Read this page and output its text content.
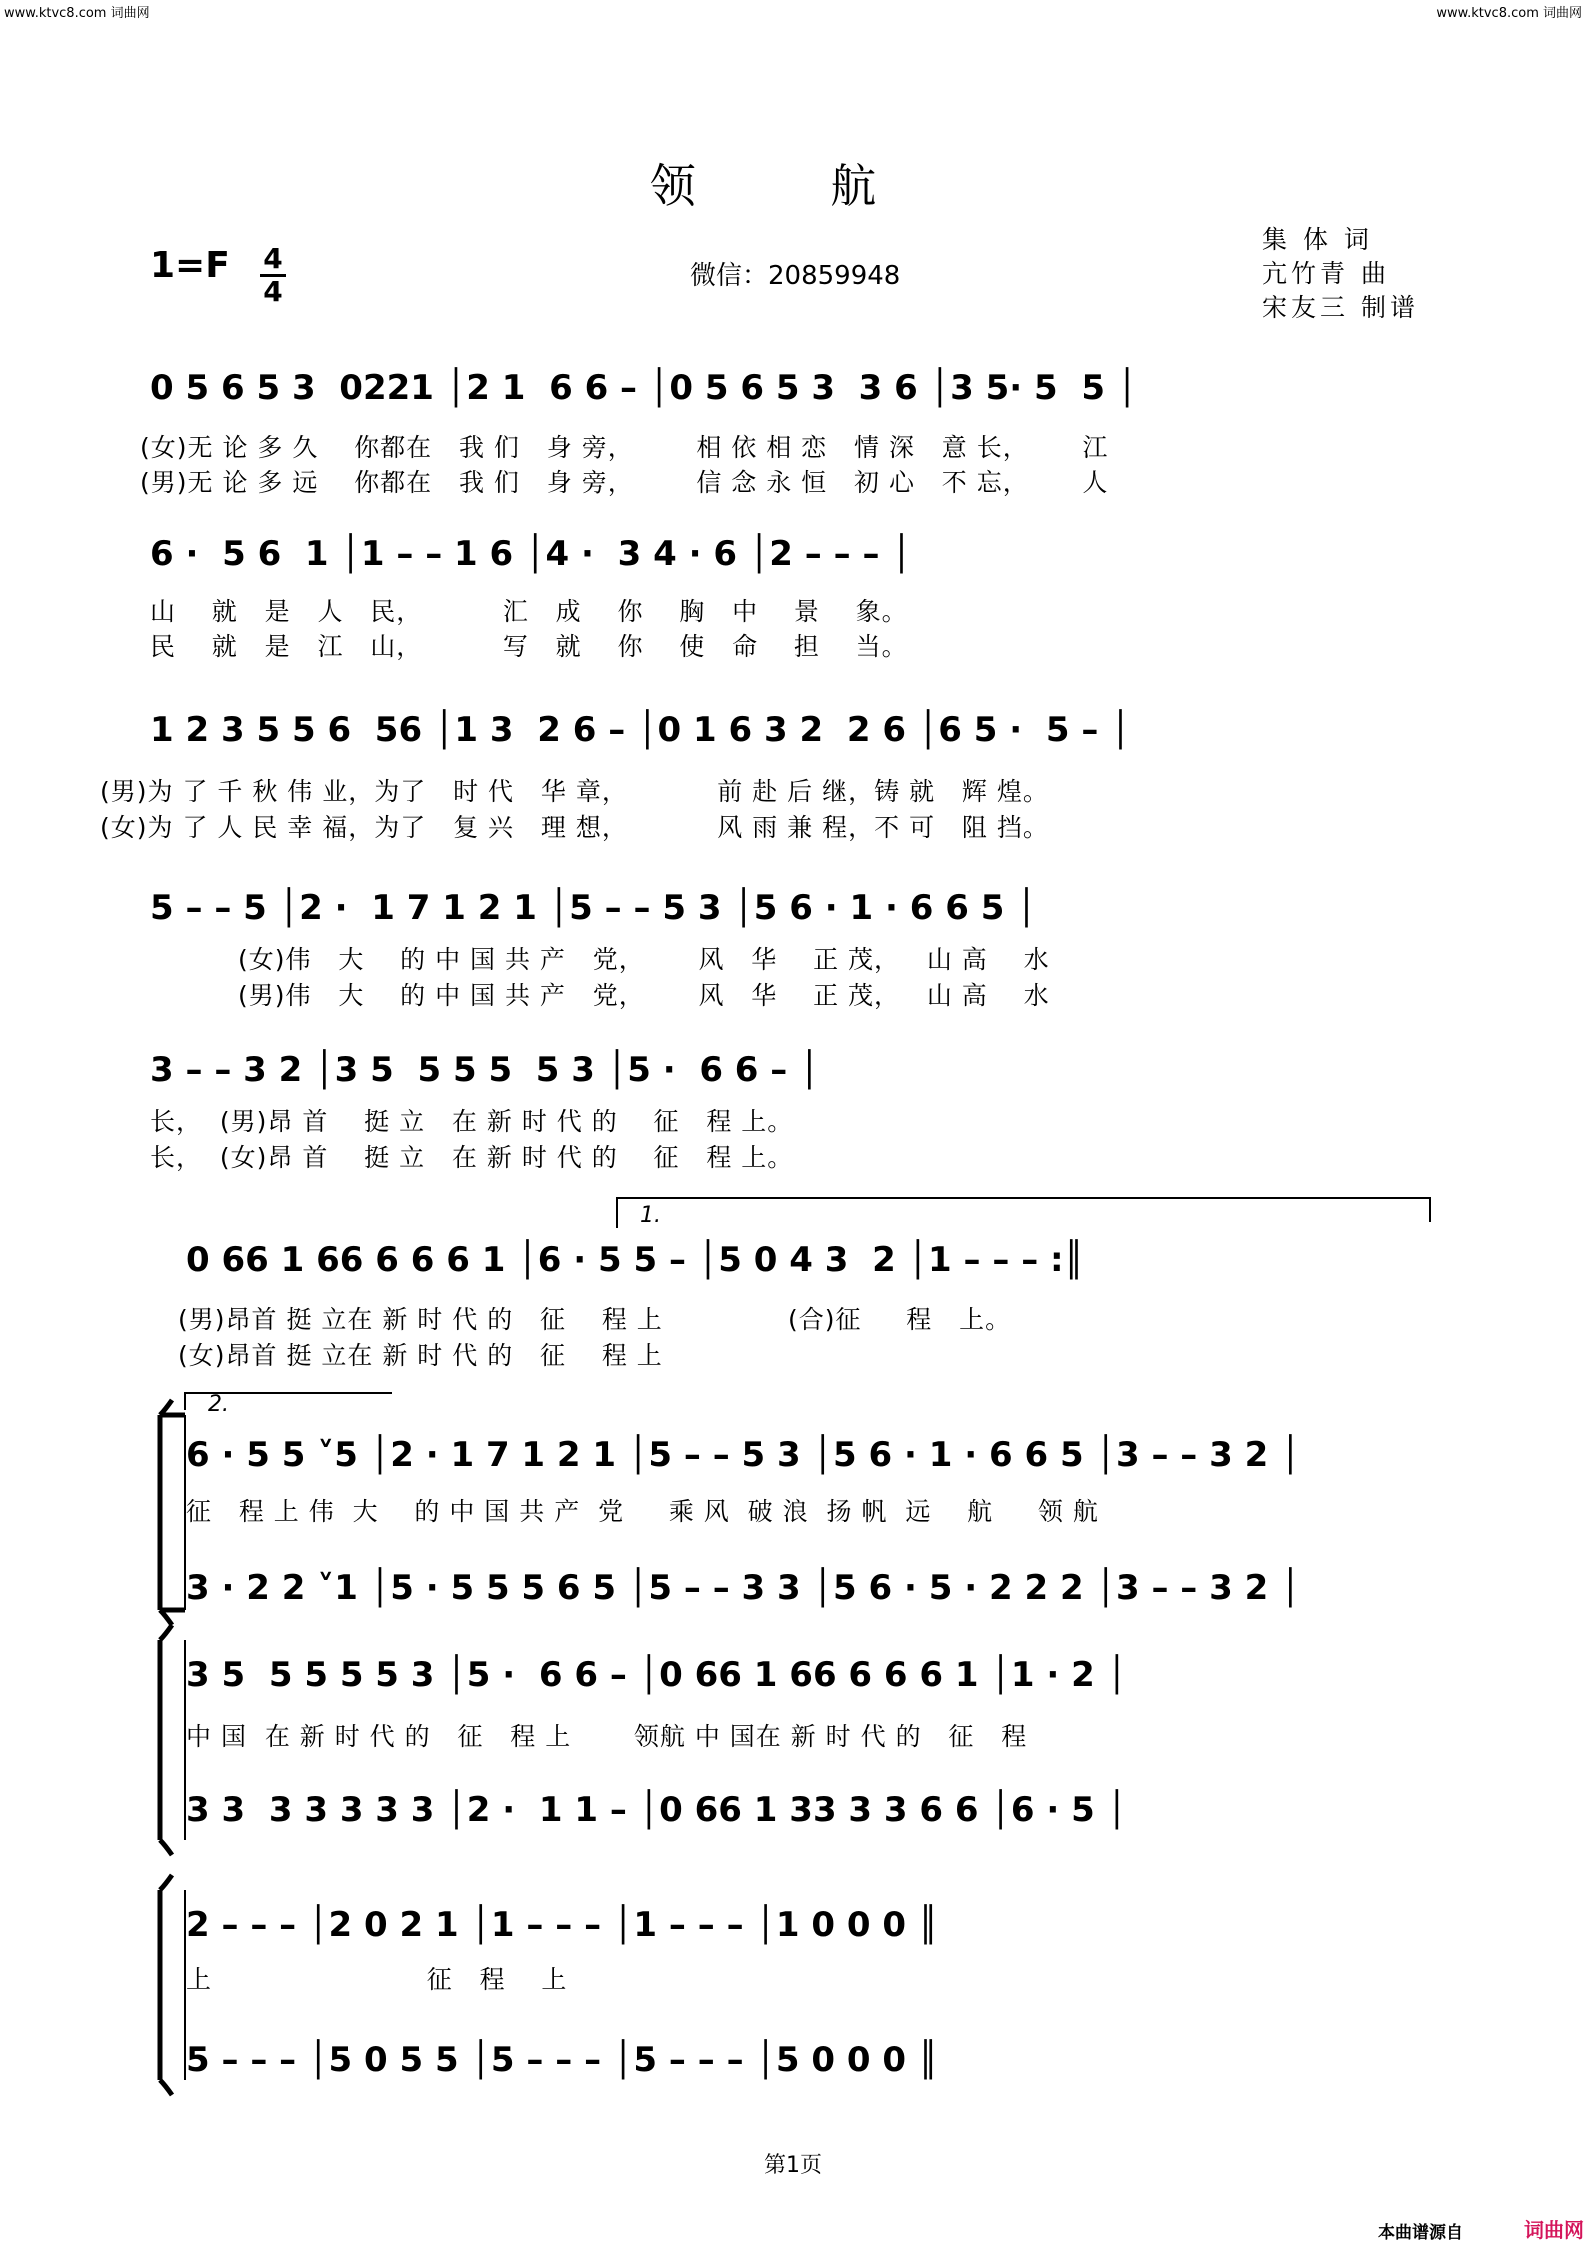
www.ktvc8.com 词曲网	www.ktvc8.com 词曲网
领 航
1=F 4
4	微信：20859948
集 体 词
亢竹青 曲
宋友三 制谱
0 5 6 5 3  0221 │2 1  6 6 – │0 5 6 5 3  3 6 │3 5· 5  5 │
(女)无 论 多 久    你都在   我 们   身 旁，       相 依 相 恋   情 深   意 长，      江
(男)无 论 多 远    你都在   我 们   身 旁，       信 念 永 恒   初 心   不 忘，      人
6 ·  5 6  1 │1 – – 1 6 │4 ·  3 4 · 6 │2 – – – │
山    就   是   人   民，         汇   成    你    胸   中    景    象。
民    就   是   江   山，         写   就    你    使   命    担    当。
1 2 3 5 5 6  56 │1 3  2 6 – │0 1 6 3 2  2 6 │6 5 ·  5 – │
(男)为 了 千 秋 伟 业，为了   时 代   华 章，          前 赴 后 继，铸 就   辉 煌。
(女)为 了 人 民 幸 福，为了   复 兴   理 想，          风 雨 兼 程，不 可   阻 挡。
5 – – 5 │2 ·  1 7 1 2 1 │5 – – 5 3 │5 6 · 1 · 6 6 5 │
(女)伟   大    的 中 国 共 产   党，      风   华    正 茂，   山 高    水
(男)伟   大    的 中 国 共 产   党，      风   华    正 茂，   山 高    水
3 – – 3 2 │3 5  5 5 5  5 3 │5 ·  6 6 – │
长，  (男)昂 首    挺 立   在 新 时 代 的    征   程 上。
长，  (女)昂 首    挺 立   在 新 时 代 的    征   程 上。
1.
0 66 1 66 6 6 6 1 │6 · 5 5 – │5 0 4 3  2 │1 – – – :║
(男)昂首 挺 立在 新 时 代 的   征    程 上              (合)征     程   上。
(女)昂首 挺 立在 新 时 代 的   征    程 上
2.
6 · 5 5 ˅5 │2 · 1 7 1 2 1 │5 – – 5 3 │5 6 · 1 · 6 6 5 │3 – – 3 2 │
征   程 上 伟  大    的 中 国 共 产  党     乘 风  破 浪  扬 帆  远    航     领 航
3 · 2 2 ˅1 │5 · 5 5 5 6 5 │5 – – 3 3 │5 6 · 5 · 2 2 2 │3 – – 3 2 │
3 5  5 5 5 5 3 │5 ·  6 6 – │0 66 1 66 6 6 6 1 │1 · 2 │
中 国  在 新 时 代 的   征   程 上       领航 中 国在 新 时 代 的   征   程
3 3  3 3 3 3 3 │2 ·  1 1 – │0 66 1 33 3 3 6 6 │6 · 5 │
2 – – – │2 0 2 1 │1 – – – │1 – – – │1 0 0 0 ║
上                        征   程    上
5 – – – │5 0 5 5 │5 – – – │5 – – – │5 0 0 0 ║
第1页
本曲谱源自	词曲网
